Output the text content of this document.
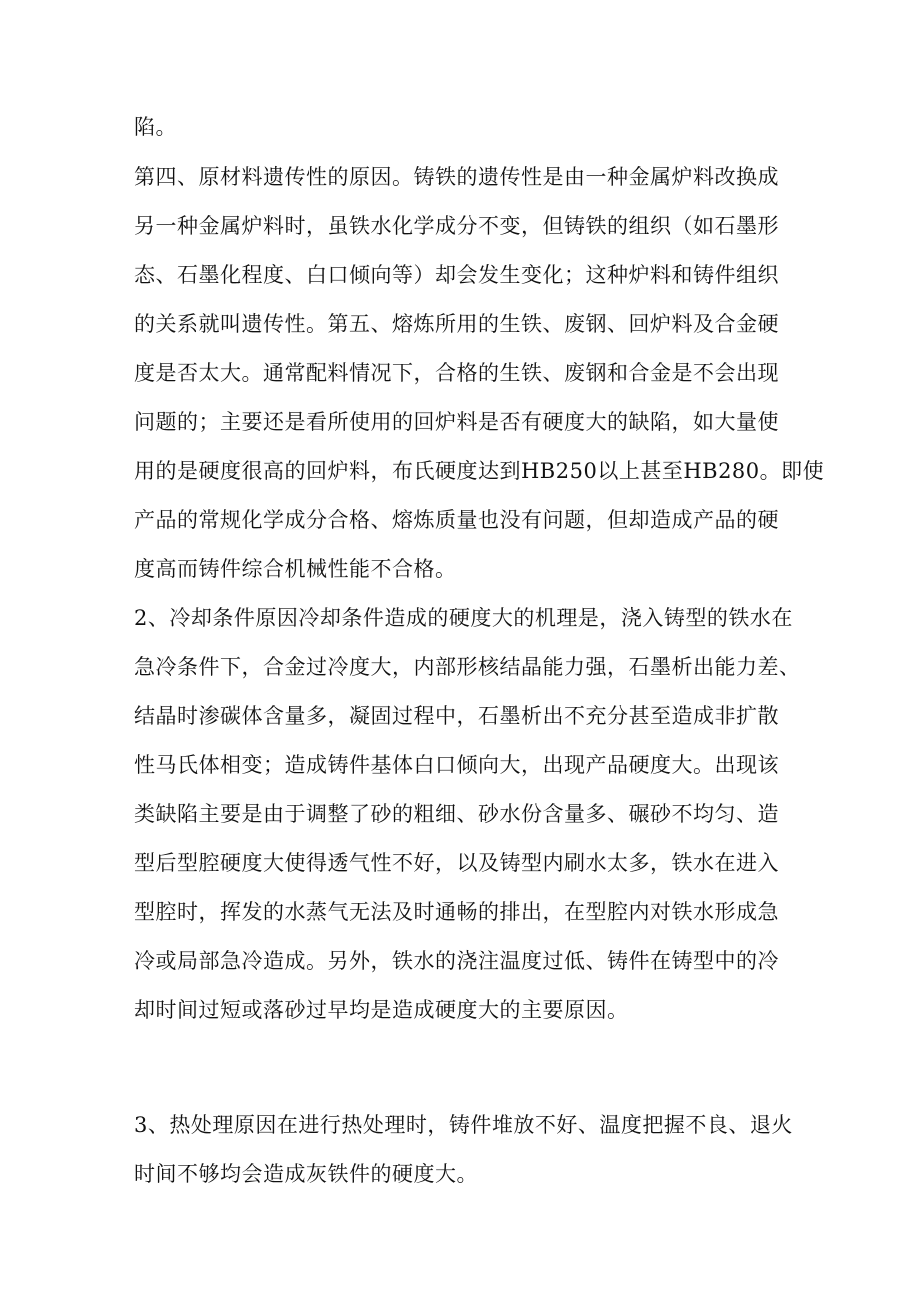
陷。
第四、原材料遗传性的原因。铸铁的遗传性是由一种金属炉料改换成
另一种金属炉料时，虽铁水化学成分不变，但铸铁的组织（如石墨形
态、石墨化程度、白口倾向等）却会发生变化；这种炉料和铸件组织
的关系就叫遗传性。第五、熔炼所用的生铁、废钢、回炉料及合金硬
度是否太大。通常配料情况下，合格的生铁、废钢和合金是不会出现
问题的；主要还是看所使用的回炉料是否有硬度大的缺陷，如大量使
用的是硬度很高的回炉料，布氏硬度达到HB250以上甚至HB280。即使
产品的常规化学成分合格、熔炼质量也没有问题，但却造成产品的硬
度高而铸件综合机械性能不合格。
2、冷却条件原因冷却条件造成的硬度大的机理是，浇入铸型的铁水在
急冷条件下，合金过冷度大，内部形核结晶能力强，石墨析出能力差、
结晶时渗碳体含量多，凝固过程中，石墨析出不充分甚至造成非扩散
性马氏体相变；造成铸件基体白口倾向大，出现产品硬度大。出现该
类缺陷主要是由于调整了砂的粗细、砂水份含量多、碾砂不均匀、造
型后型腔硬度大使得透气性不好，以及铸型内刷水太多，铁水在进入
型腔时，挥发的水蒸气无法及时通畅的排出，在型腔内对铁水形成急
冷或局部急冷造成。另外，铁水的浇注温度过低、铸件在铸型中的冷
却时间过短或落砂过早均是造成硬度大的主要原因。
3、热处理原因在进行热处理时，铸件堆放不好、温度把握不良、退火
时间不够均会造成灰铁件的硬度大。
